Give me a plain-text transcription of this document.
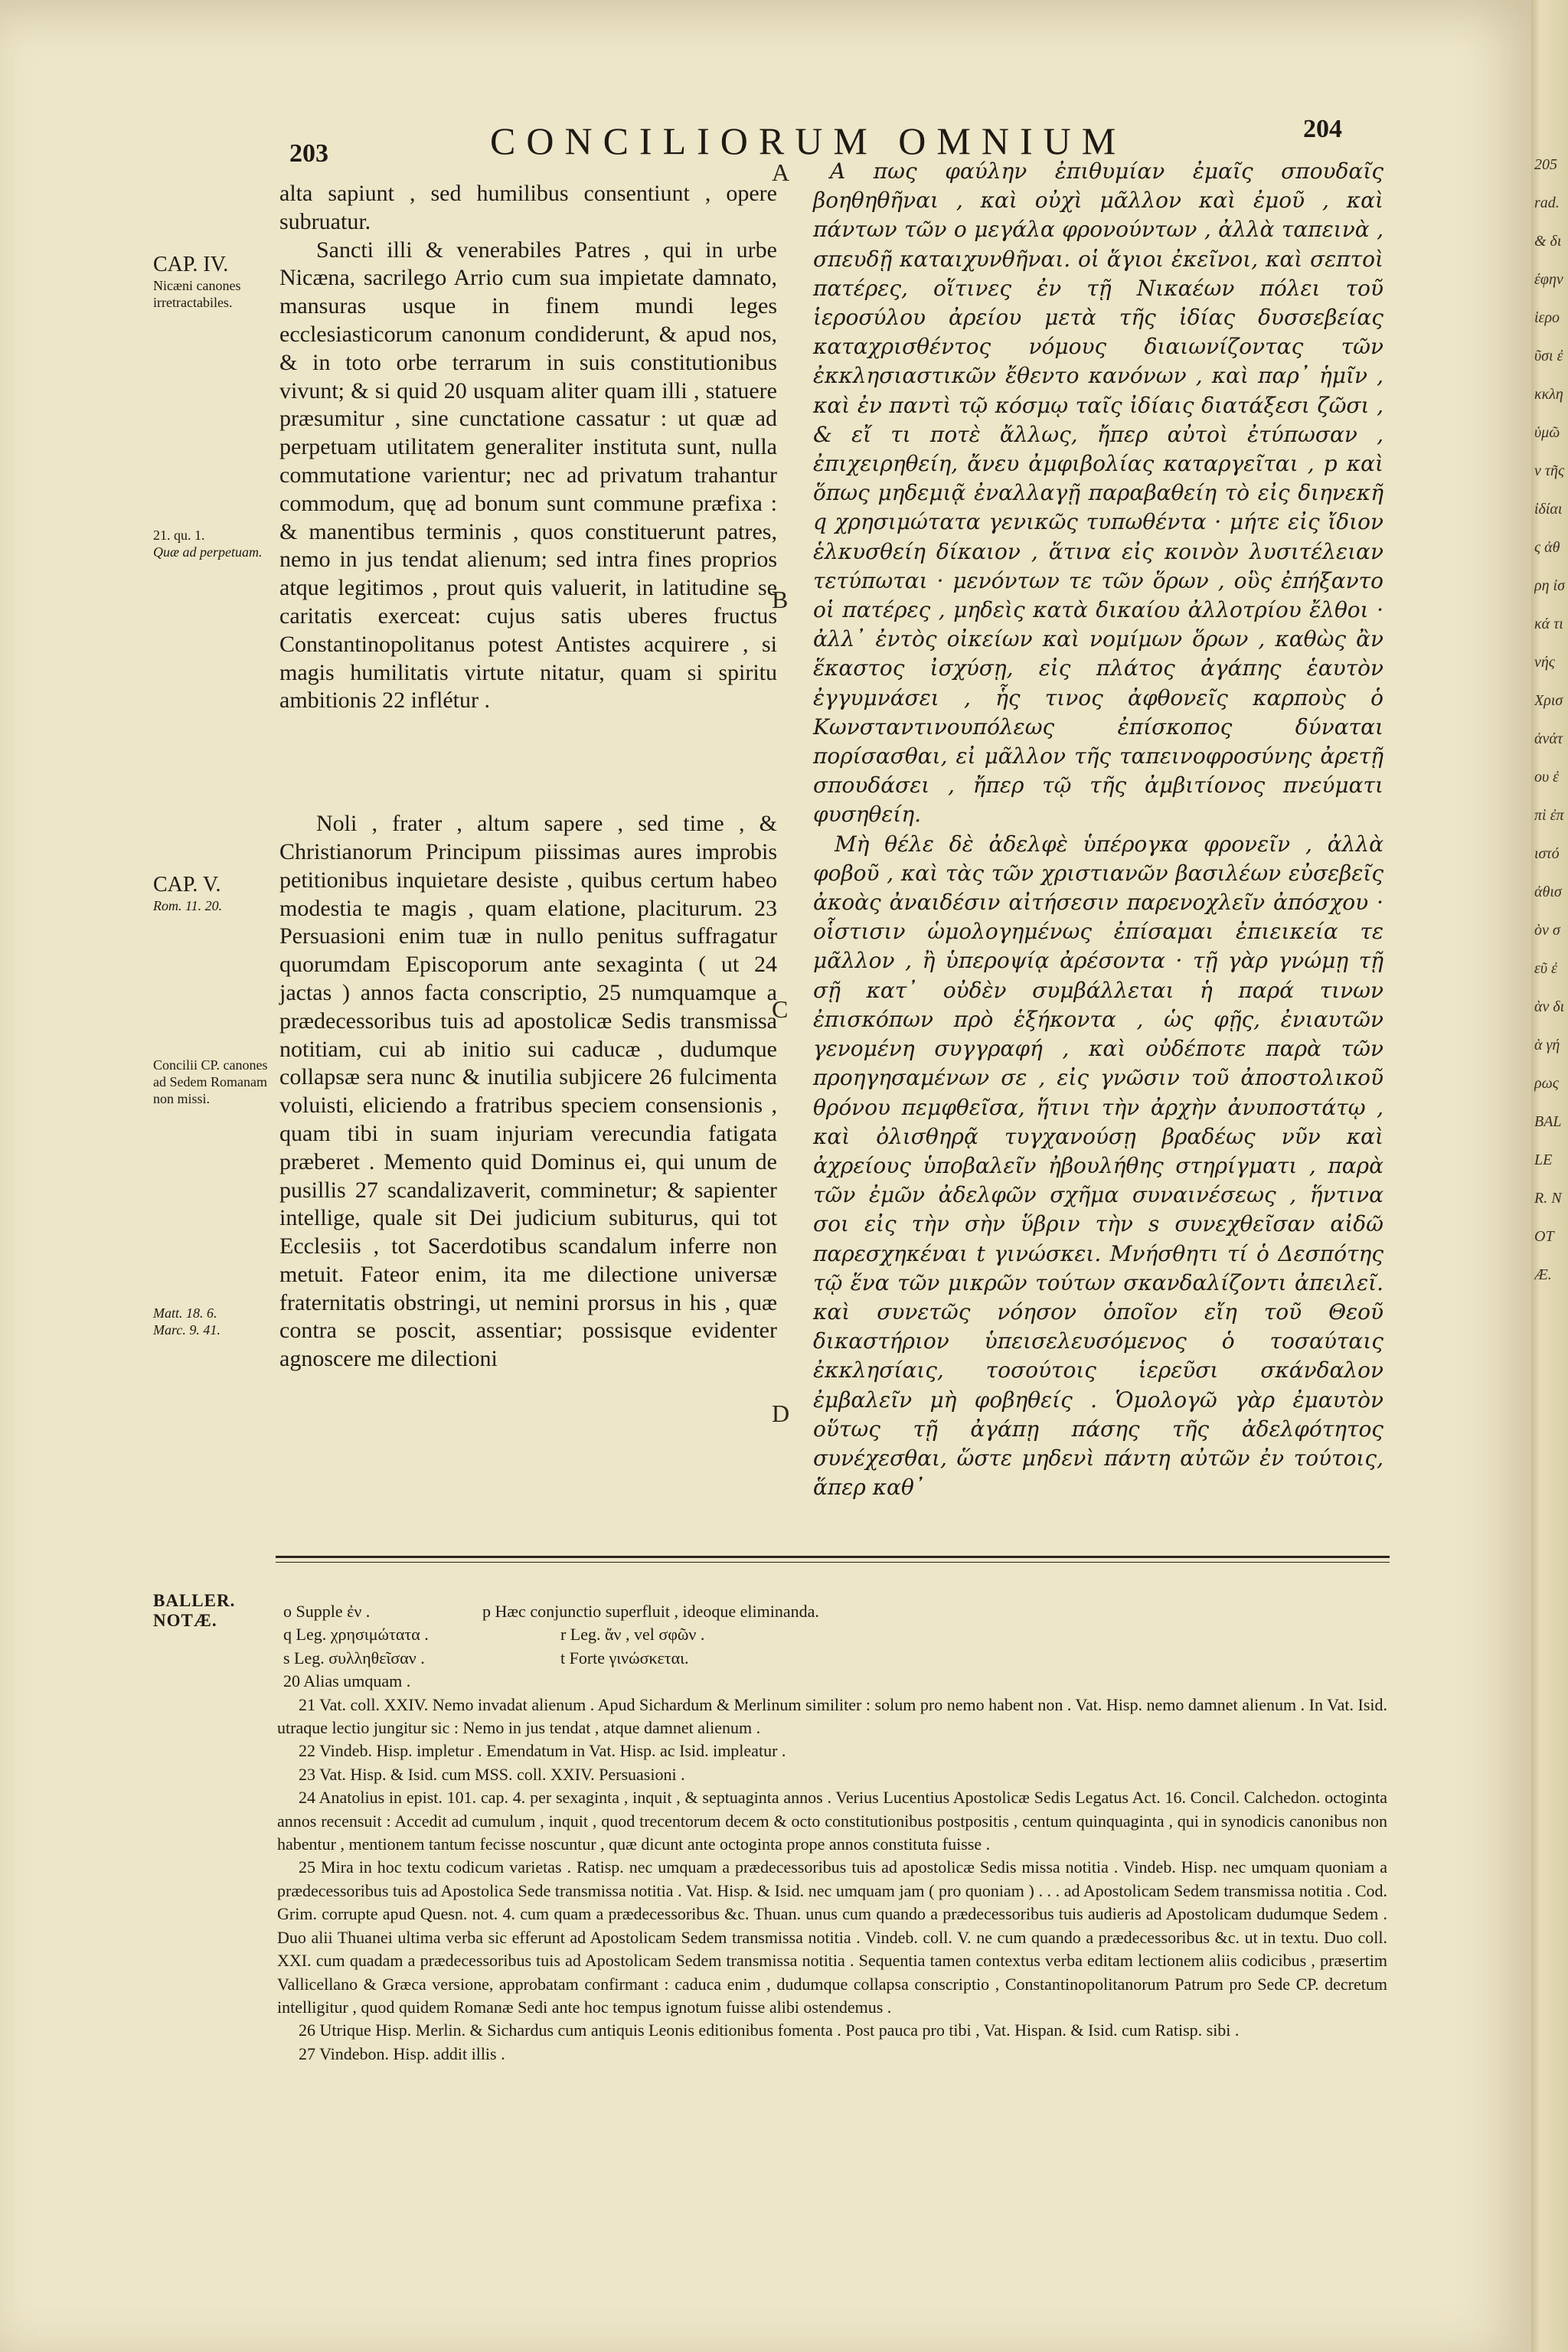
203	CONCILIORUM OMNIUM	204
CAP. IV.
Nicæni canones irretractabiles.
21. qu. 1.
Quæ ad perpetuam.
CAP. V.
Rom. 11. 20.
Concilii CP. canones ad Sedem Romanam non missi.
Matt. 18. 6.
Marc. 9. 41.

alta sapiunt , sed humilibus consentiunt , opere subruatur.

Sancti illi & venerabiles Patres , qui in urbe Nicæna, sacrilego Arrio cum sua impietate damnato, mansuras usque in finem mundi leges ecclesiasticorum canonum condiderunt, & apud nos, & in toto orbe terrarum in suis constitutionibus vivunt; & si quid 20 usquam aliter quam illi , statuere præsumitur , sine cunctatione cassatur : ut quæ ad perpetuam utilitatem generaliter instituta sunt, nulla commutatione varientur; nec ad privatum trahantur commodum, quę ad bonum sunt commune præfixa : & manentibus terminis , quos constituerunt patres, nemo in jus tendat alienum; sed intra fines proprios atque legitimos , prout quis valuerit, in latitudine se caritatis exerceat: cujus satis uberes fructus Constantinopolitanus potest Antistes acquirere , si magis humilitatis virtute nitatur, quam si spiritu ambitionis 22 inflétur .

Noli , frater , altum sapere , sed time , & Christianorum Principum piissimas aures improbis petitionibus inquietare desiste , quibus certum habeo modestia te magis , quam elatione, placiturum. 23 Persuasioni enim tuæ in nullo penitus suffragatur quorumdam Episcoporum ante sexaginta ( ut 24 jactas ) annos facta conscriptio, 25 numquamque a prædecessoribus tuis ad apostolicæ Sedis transmissa notitiam, cui ab initio sui caducæ , dudumque collapsæ sera nunc & inutilia subjicere 26 fulcimenta voluisti, eliciendo a fratribus speciem consensionis , quam tibi in suam injuriam verecundia fatigata præberet . Memento quid Dominus ei, qui unum de pusillis 27 scandalizaverit, comminetur; & sapienter intellige, quale sit Dei judicium subiturus, qui tot Ecclesiis , tot Sacerdotibus scandalum inferre non metuit. Fateor enim, ita me dilectione universæ fraternitatis obstringi, ut nemini prorsus in his , quæ contra se poscit, assentiar; possisque evidenter agnoscere me dilectioni

A
B
C
D

Α πως φαύλην ἐπιθυμίαν ἐμαῖς σπουδαῖς βοηθηθῆναι , καὶ οὐχὶ μᾶλλον καὶ ἐμοῦ , καὶ πάντων τῶν ο μεγάλα φρονούντων , ἀλλὰ ταπεινὰ , σπευδῇ καταιχυνθῆναι. οἱ ἅγιοι ἐκεῖνοι, καὶ σεπτοὶ πατέρες, οἵτινες ἐν τῇ Νικαέων πόλει τοῦ ἱεροσύλου ἀρείου μετὰ τῆς ἰδίας δυσσεβείας καταχρισθέντος νόμους διαιωνίζοντας τῶν ἐκκλησιαστικῶν ἔθεντο κανόνων , καὶ παρ᾽ ἡμῖν , καὶ ἐν παντὶ τῷ κόσμῳ ταῖς ἰδίαις διατάξεσι ζῶσι , & εἴ τι ποτὲ ἄλλως, ἤπερ αὐτοὶ ἐτύπωσαν , ἐπιχειρηθείη, ἄνευ ἀμφιβολίας καταργεῖται , p καὶ ὅπως μηδεμιᾷ ἐναλλαγῇ παραβαθείη τὸ εἰς διηνεκῆ q χρησιμώτατα γενικῶς τυπωθέντα · μήτε εἰς ἴδιον ἑλκυσθείη δίκαιον , ἅτινα εἰς κοινὸν λυσιτέλειαν τετύπωται · μενόντων τε τῶν ὅρων , οὓς ἐπήξαντο οἱ πατέρες , μηδεὶς κατὰ δικαίου ἀλλοτρίου ἔλθοι · ἀλλ᾽ ἐντὸς οἰκείων καὶ νομίμων ὅρων , καθὼς ἂν ἕκαστος ἰσχύσῃ, εἰς πλάτος ἀγάπης ἑαυτὸν ἐγγυμνάσει , ἧς τινος ἀφθονεῖς καρποὺς ὁ Κωνσταντινουπόλεως ἐπίσκοπος δύναται πορίσασθαι, εἰ μᾶλλον τῆς ταπεινοφροσύνης ἀρετῇ σπουδάσει , ἤπερ τῷ τῆς ἀμβιτίονος πνεύματι φυσηθείη.

Μὴ θέλε δὲ ἀδελφὲ ὑπέρογκα φρονεῖν , ἀλλὰ φοβοῦ , καὶ τὰς τῶν χριστιανῶν βασιλέων εὐσεβεῖς ἀκοὰς ἀναιδέσιν αἰτήσεσιν παρενοχλεῖν ἀπόσχου · οἷστισιν ὡμολογημένως ἐπίσαμαι ἐπιεικεία τε μᾶλλον , ἢ ὑπεροψίᾳ ἀρέσοντα · τῇ γὰρ γνώμῃ τῇ σῇ κατ᾽ οὐδὲν συμβάλλεται ἡ παρά τινων ἐπισκόπων πρὸ ἑξήκοντα , ὡς φῇς, ἐνιαυτῶν γενομένη συγγραφή , καὶ οὐδέποτε παρὰ τῶν προηγησαμένων σε , εἰς γνῶσιν τοῦ ἀποστολικοῦ θρόνου πεμφθεῖσα, ἥτινι τὴν ἀρχὴν ἀνυποστάτῳ , καὶ ὀλισθηρᾷ τυγχανούσῃ βραδέως νῦν καὶ ἀχρείους ὑποβαλεῖν ἠβουλήθης στηρίγματι , παρὰ τῶν ἐμῶν ἀδελφῶν σχῆμα συναινέσεως , ἥντινα σοι εἰς τὴν σὴν ὕβριν τὴν s συνεχθεῖσαν αἰδῶ παρεσχηκέναι t γινώσκει. Μνήσθητι τί ὁ Δεσπότης τῷ ἕνα τῶν μικρῶν τούτων σκανδαλίζοντι ἀπειλεῖ. καὶ συνετῶς νόησον ὁποῖον εἴη τοῦ Θεοῦ δικαστήριον ὑπεισελευσόμενος ὁ τοσαύταις ἐκκλησίαις, τοσούτοις ἱερεῦσι σκάνδαλον ἐμβαλεῖν μὴ φοβηθείς . Ὁμολογῶ γὰρ ἐμαυτὸν οὕτως τῇ ἀγάπῃ πάσης τῆς ἀδελφότητος συνέχεσθαι, ὥστε μηδενὶ πάντη αὐτῶν ἐν τούτοις, ἅπερ καθ᾽

BALLER. NOTÆ.	o Supple ἐν .	p Hæc conjunctio superfluit , ideoque eliminanda.

q Leg. χρησιμώτατα .	r Leg. ἄν , vel σφῶν .

s Leg. συλληθεῖσαν .	t Forte γινώσκεται.

20 Alias umquam .

21 Vat. coll. XXIV. Nemo invadat alienum . Apud Sichardum & Merlinum similiter : solum pro nemo habent non . Vat. Hisp. nemo damnet alienum . In Vat. Isid. utraque lectio jungitur sic : Nemo in jus tendat , atque damnet alienum .

22 Vindeb. Hisp. impletur . Emendatum in Vat. Hisp. ac Isid. impleatur .

23 Vat. Hisp. & Isid. cum MSS. coll. XXIV. Persuasioni .

24 Anatolius in epist. 101. cap. 4. per sexaginta , inquit , & septuaginta annos . Verius Lucentius Apostolicæ Sedis Legatus Act. 16. Concil. Calchedon. octoginta annos recensuit : Accedit ad cumulum , inquit , quod trecentorum decem & octo constitutionibus postpositis , centum quinquaginta , qui in synodicis canonibus non habentur , mentionem tantum fecisse noscuntur , quæ dicunt ante octoginta prope annos constituta fuisse .

25 Mira in hoc textu codicum varietas . Ratisp. nec umquam a prædecessoribus tuis ad apostolicæ Sedis missa notitia . Vindeb. Hisp. nec umquam quoniam a prædecessoribus tuis ad Apostolica Sede transmissa notitia . Vat. Hisp. & Isid. nec umquam jam ( pro quoniam ) . . . ad Apostolicam Sedem transmissa notitia . Cod. Grim. corrupte apud Quesn. not. 4. cum quam a prædecessoribus &c. Thuan. unus cum quando a prædecessoribus tuis audieris ad Apostolicam dudumque Sedem . Duo alii Thuanei ultima verba sic efferunt ad Apostolicam Sedem transmissa notitia . Vindeb. coll. V. ne cum quando a prædecessoribus &c. ut in textu. Duo coll. XXI. cum quadam a prædecessoribus tuis ad Apostolicam Sedem transmissa notitia . Sequentia tamen contextus verba editam lectionem aliis codicibus , præsertim Vallicellano & Græca versione, approbatam confirmant : caduca enim , dudumque collapsa conscriptio , Constantinopolitanorum Patrum pro Sede CP. decretum intelligitur , quod quidem Romanæ Sedi ante hoc tempus ignotum fuisse alibi ostendemus .

26 Utrique Hisp. Merlin. & Sichardus cum antiquis Leonis editionibus fomenta . Post pauca pro tibi , Vat. Hispan. & Isid. cum Ratisp. sibi .

27 Vindebon. Hisp. addit illis .

205 rad. & διέφην ἱεροῦσι ἐκκλη ὑμῶν τῆς ἰδίαις ἀθρη ἰσκά τινής Χρισ ἀνάτου ἐπὶ ἐπιστό ἀθισὸν σεῦ ἐὰν διὰ γήρως BALLER. NOTÆ.
